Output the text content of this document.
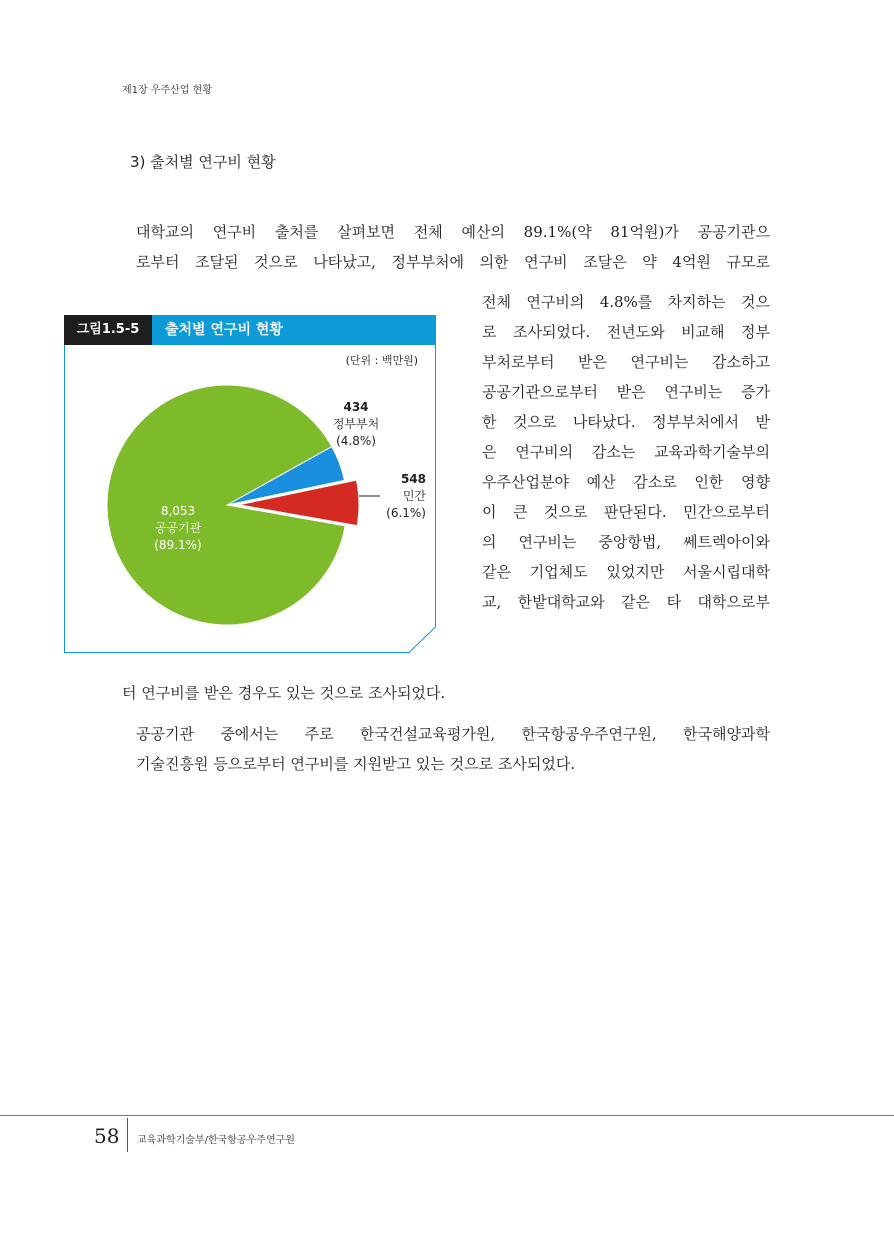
제1장 우주산업 현황
3) 출처별 연구비 현황

대학교의 연구비 출처를 살펴보면 전체 예산의 89.1%(약 81억원)가 공공기관으
로부터 조달된 것으로 나타났고, 정부부처에 의한 연구비 조달은 약 4억원 규모로

전체 연구비의 4.8%를 차지하는 것으
로 조사되었다. 전년도와 비교해 정부
부처로부터 받은 연구비는 감소하고
공공기관으로부터 받은 연구비는 증가
한 것으로 나타났다. 정부부처에서 받
은 연구비의 감소는 교육과학기술부의
우주산업분야 예산 감소로 인한 영향
이 큰 것으로 판단된다. 민간으로부터
의 연구비는 중앙항법, 쎄트렉아이와
같은 기업체도 있었지만 서울시립대학
교, 한밭대학교와 같은 타 대학으로부

터 연구비를 받은 경우도 있는 것으로 조사되었다.

공공기관 중에서는 주로 한국건설교육평가원, 한국항공우주연구원, 한국해양과학
기술진흥원 등으로부터 연구비를 지원받고 있는 것으로 조사되었다.

그림1.5-5	출처별 연구비 현황
(단위 : 백만원)
434
정부부처
(4.8%)
548
민간
(6.1%)
8,053
공공기관
(89.1%)
58 교육과학기술부/한국항공우주연구원
